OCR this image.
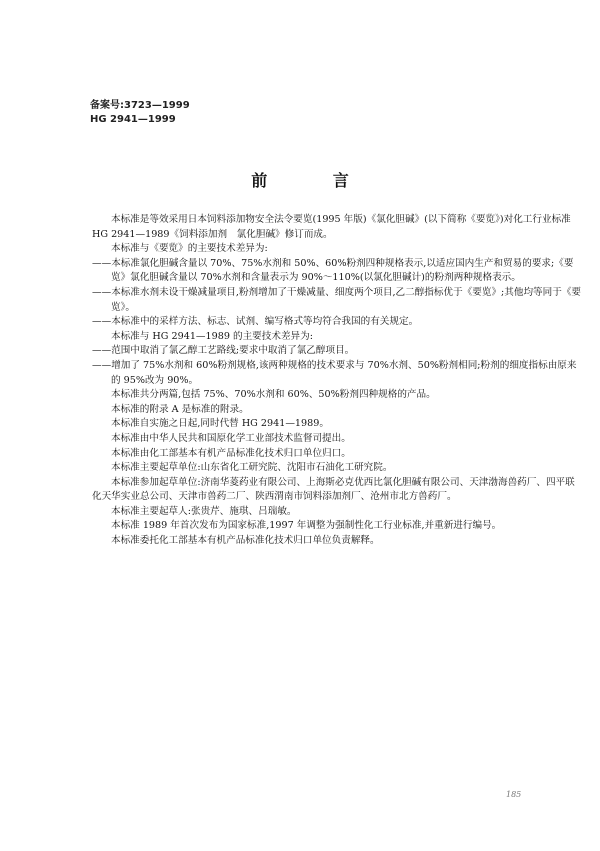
备案号:3723—1999
HG 2941—1999
前 言

本标准是等效采用日本饲料添加物安全法令要览(1995 年版)《氯化胆碱》(以下简称《要览》)对化工行业标准 HG 2941—1989《饲料添加剂　氯化胆碱》修订而成。

本标准与《要览》的主要技术差异为:

——本标准氯化胆碱含量以 70%、75%水剂和 50%、60%粉剂四种规格表示,以适应国内生产和贸易的要求;《要览》氯化胆碱含量以 70%水剂和含量表示为 90%～110%(以氯化胆碱计)的粉剂两种规格表示。

——本标准水剂未设干燥减量项目,粉剂增加了干燥减量、细度两个项目,乙二醇指标优于《要览》;其他均等同于《要览》。

——本标准中的采样方法、标志、试剂、编写格式等均符合我国的有关规定。

本标准与 HG 2941—1989 的主要技术差异为:

——范围中取消了氯乙醇工艺路线;要求中取消了氯乙醇项目。

——增加了 75%水剂和 60%粉剂规格,该两种规格的技术要求与 70%水剂、50%粉剂相同;粉剂的细度指标由原来的 95%改为 90%。

本标准共分两篇,包括 75%、70%水剂和 60%、50%粉剂四种规格的产品。

本标准的附录 A 是标准的附录。

本标准自实施之日起,同时代替 HG 2941—1989。

本标准由中华人民共和国原化学工业部技术监督司提出。

本标准由化工部基本有机产品标准化技术归口单位归口。

本标准主要起草单位:山东省化工研究院、沈阳市石油化工研究院。

本标准参加起草单位:济南华菱药业有限公司、上海斯必克优西比氯化胆碱有限公司、天津渤海兽药厂、四平联化天华实业总公司、天津市兽药二厂、陕西渭南市饲料添加剂厂、沧州市北方兽药厂。

本标准主要起草人:张贵芹、施琪、吕瑞敏。

本标准 1989 年首次发布为国家标准,1997 年调整为强制性化工行业标准,并重新进行编号。

本标准委托化工部基本有机产品标准化技术归口单位负责解释。

185
